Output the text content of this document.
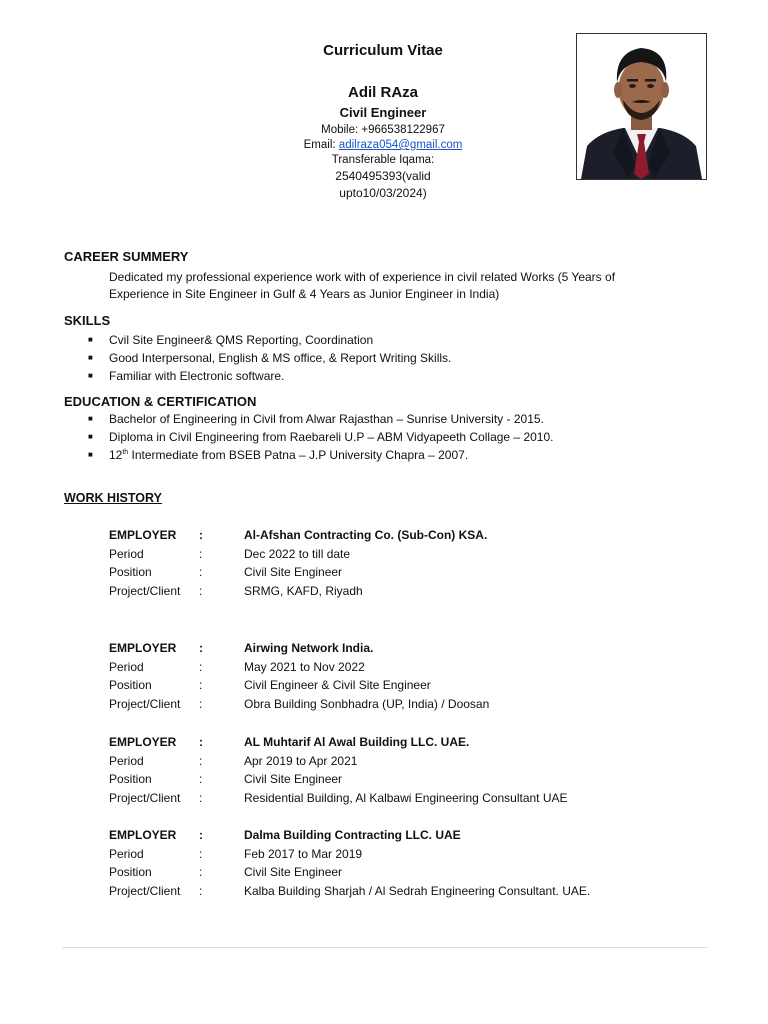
Curriculum Vitae
Adil RAza
Civil Engineer
Mobile: +966538122967
Email: adilraza054@gmail.com
Transferable Iqama:
2540495393(valid
upto10/03/2024)
CAREER SUMMERY
Dedicated my professional experience work with of experience in civil related Works (5 Years of Experience in Site Engineer in Gulf & 4 Years as Junior Engineer in India)
SKILLS
■	Cvil Site Engineer& QMS Reporting, Coordination
■	Good Interpersonal, English & MS office, & Report Writing Skills.
■	Familiar with Electronic software.
EDUCATION & CERTIFICATION
■	Bachelor of Engineering in Civil from Alwar Rajasthan – Sunrise University - 2015.
■	Diploma in Civil Engineering from Raebareli U.P – ABM Vidyapeeth Collage – 2010.
■	12th Intermediate from BSEB Patna – J.P University Chapra – 2007.
WORK HISTORY
EMPLOYER :	Al-Afshan Contracting Co. (Sub-Con) KSA.
Period	:	Dec 2022 to till date
Position	:	Civil Site Engineer
Project/Client :	SRMG, KAFD, Riyadh
EMPLOYER :	Airwing Network India.
Period	:	May 2021 to Nov 2022
Position	:	Civil Engineer & Civil Site Engineer
Project/Client :	Obra Building Sonbhadra (UP, India) / Doosan
EMPLOYER :	AL Muhtarif Al Awal Building LLC. UAE.
Period	:	Apr 2019 to Apr 2021
Position	:	Civil Site Engineer
Project/Client :	Residential Building, Al Kalbawi Engineering Consultant UAE
EMPLOYER :	Dalma Building Contracting LLC. UAE
Period	:	Feb 2017 to Mar 2019
Position	:	Civil Site Engineer
Project/Client :	Kalba Building Sharjah / Al Sedrah Engineering Consultant. UAE.
